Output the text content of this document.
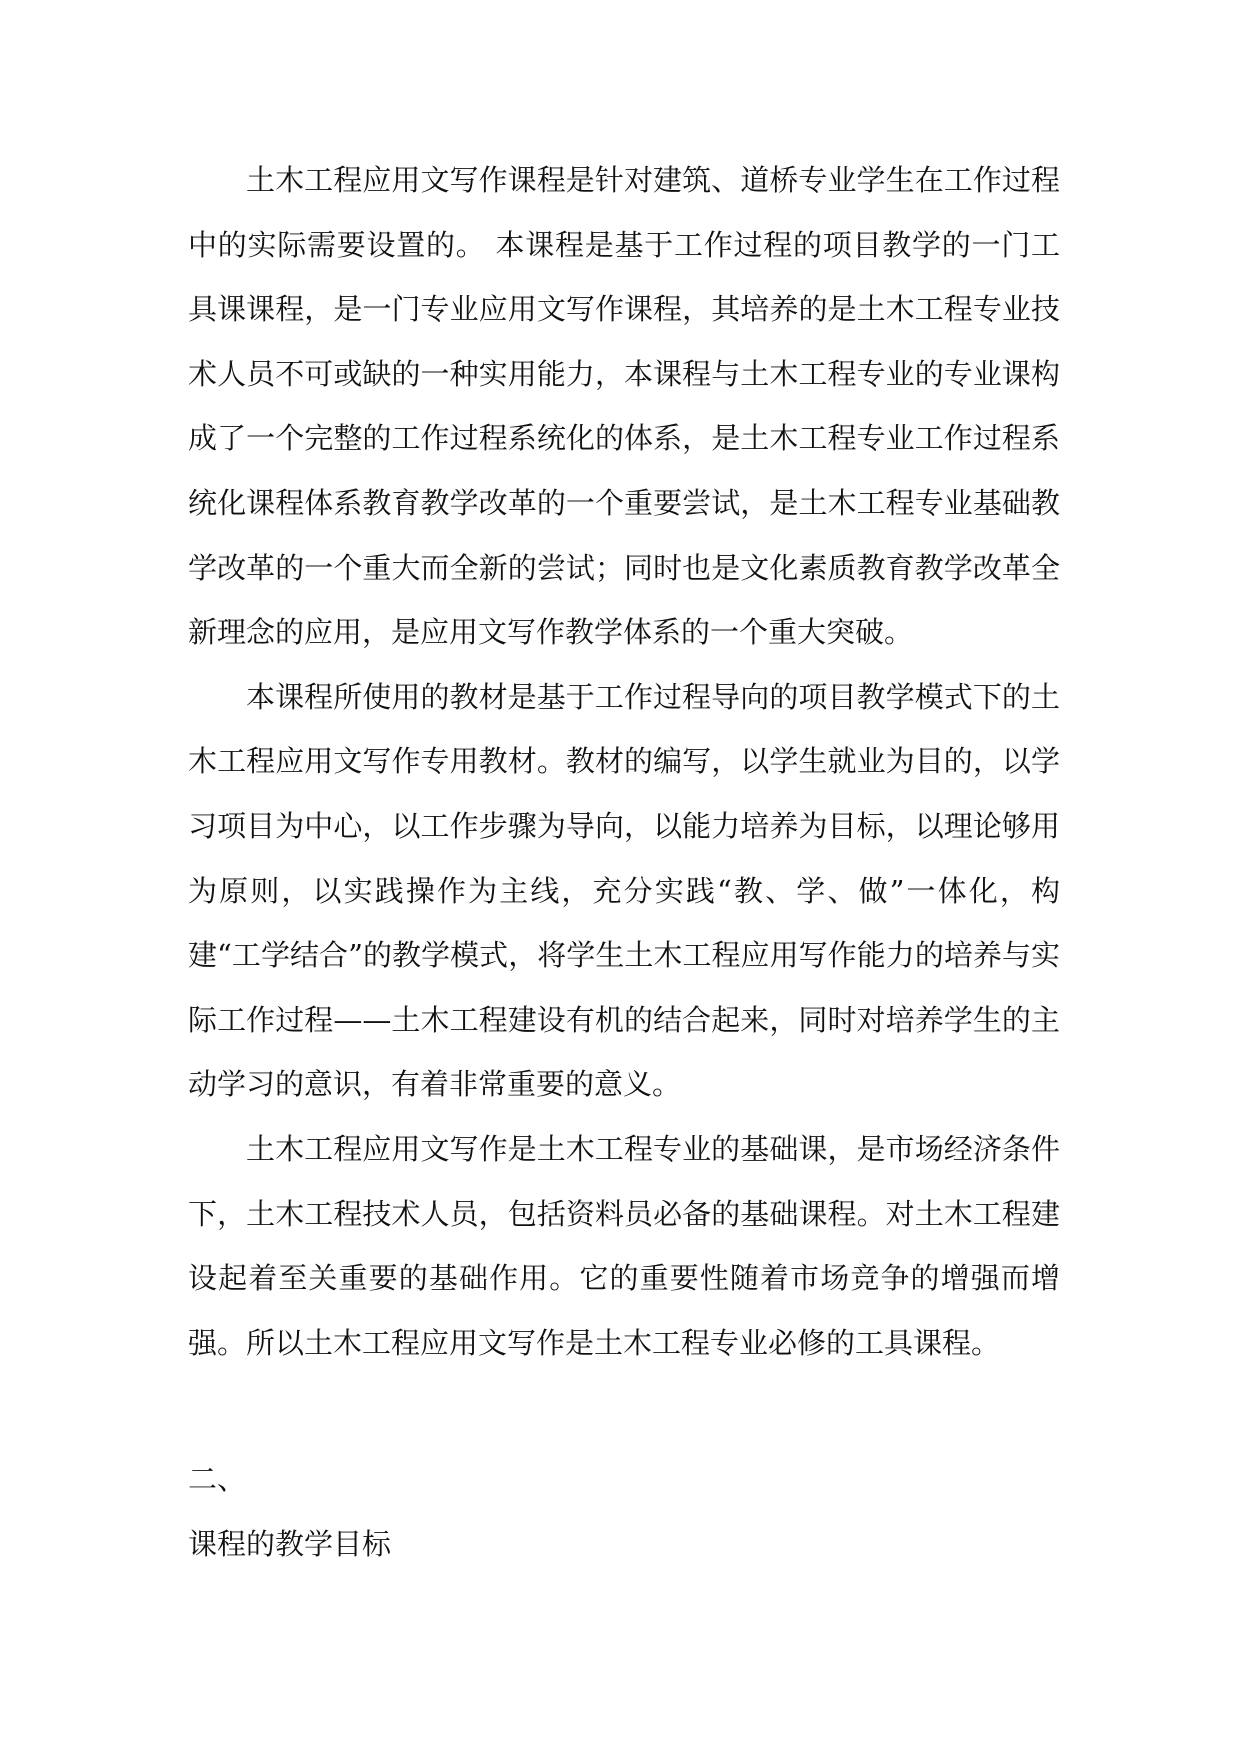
土木工程应用文写作课程是针对建筑、道桥专业学生在工作过程中的实际需要设置的。 本课程是基于工作过程的项目教学的一门工具课课程，是一门专业应用文写作课程，其培养的是土木工程专业技术人员不可或缺的一种实用能力，本课程与土木工程专业的专业课构成了一个完整的工作过程系统化的体系，是土木工程专业工作过程系统化课程体系教育教学改革的一个重要尝试，是土木工程专业基础教学改革的一个重大而全新的尝试；同时也是文化素质教育教学改革全新理念的应用，是应用文写作教学体系的一个重大突破。

本课程所使用的教材是基于工作过程导向的项目教学模式下的土木工程应用文写作专用教材。教材的编写，以学生就业为目的，以学习项目为中心，以工作步骤为导向，以能力培养为目标，以理论够用为原则，以实践操作为主线，充分实践“教、学、做”一体化，构建“工学结合”的教学模式，将学生土木工程应用写作能力的培养与实际工作过程——土木工程建设有机的结合起来，同时对培养学生的主动学习的意识，有着非常重要的意义。

土木工程应用文写作是土木工程专业的基础课，是市场经济条件下，土木工程技术人员，包括资料员必备的基础课程。对土木工程建设起着至关重要的基础作用。它的重要性随着市场竞争的增强而增强。所以土木工程应用文写作是土木工程专业必修的工具课程。

二、

课程的教学目标
